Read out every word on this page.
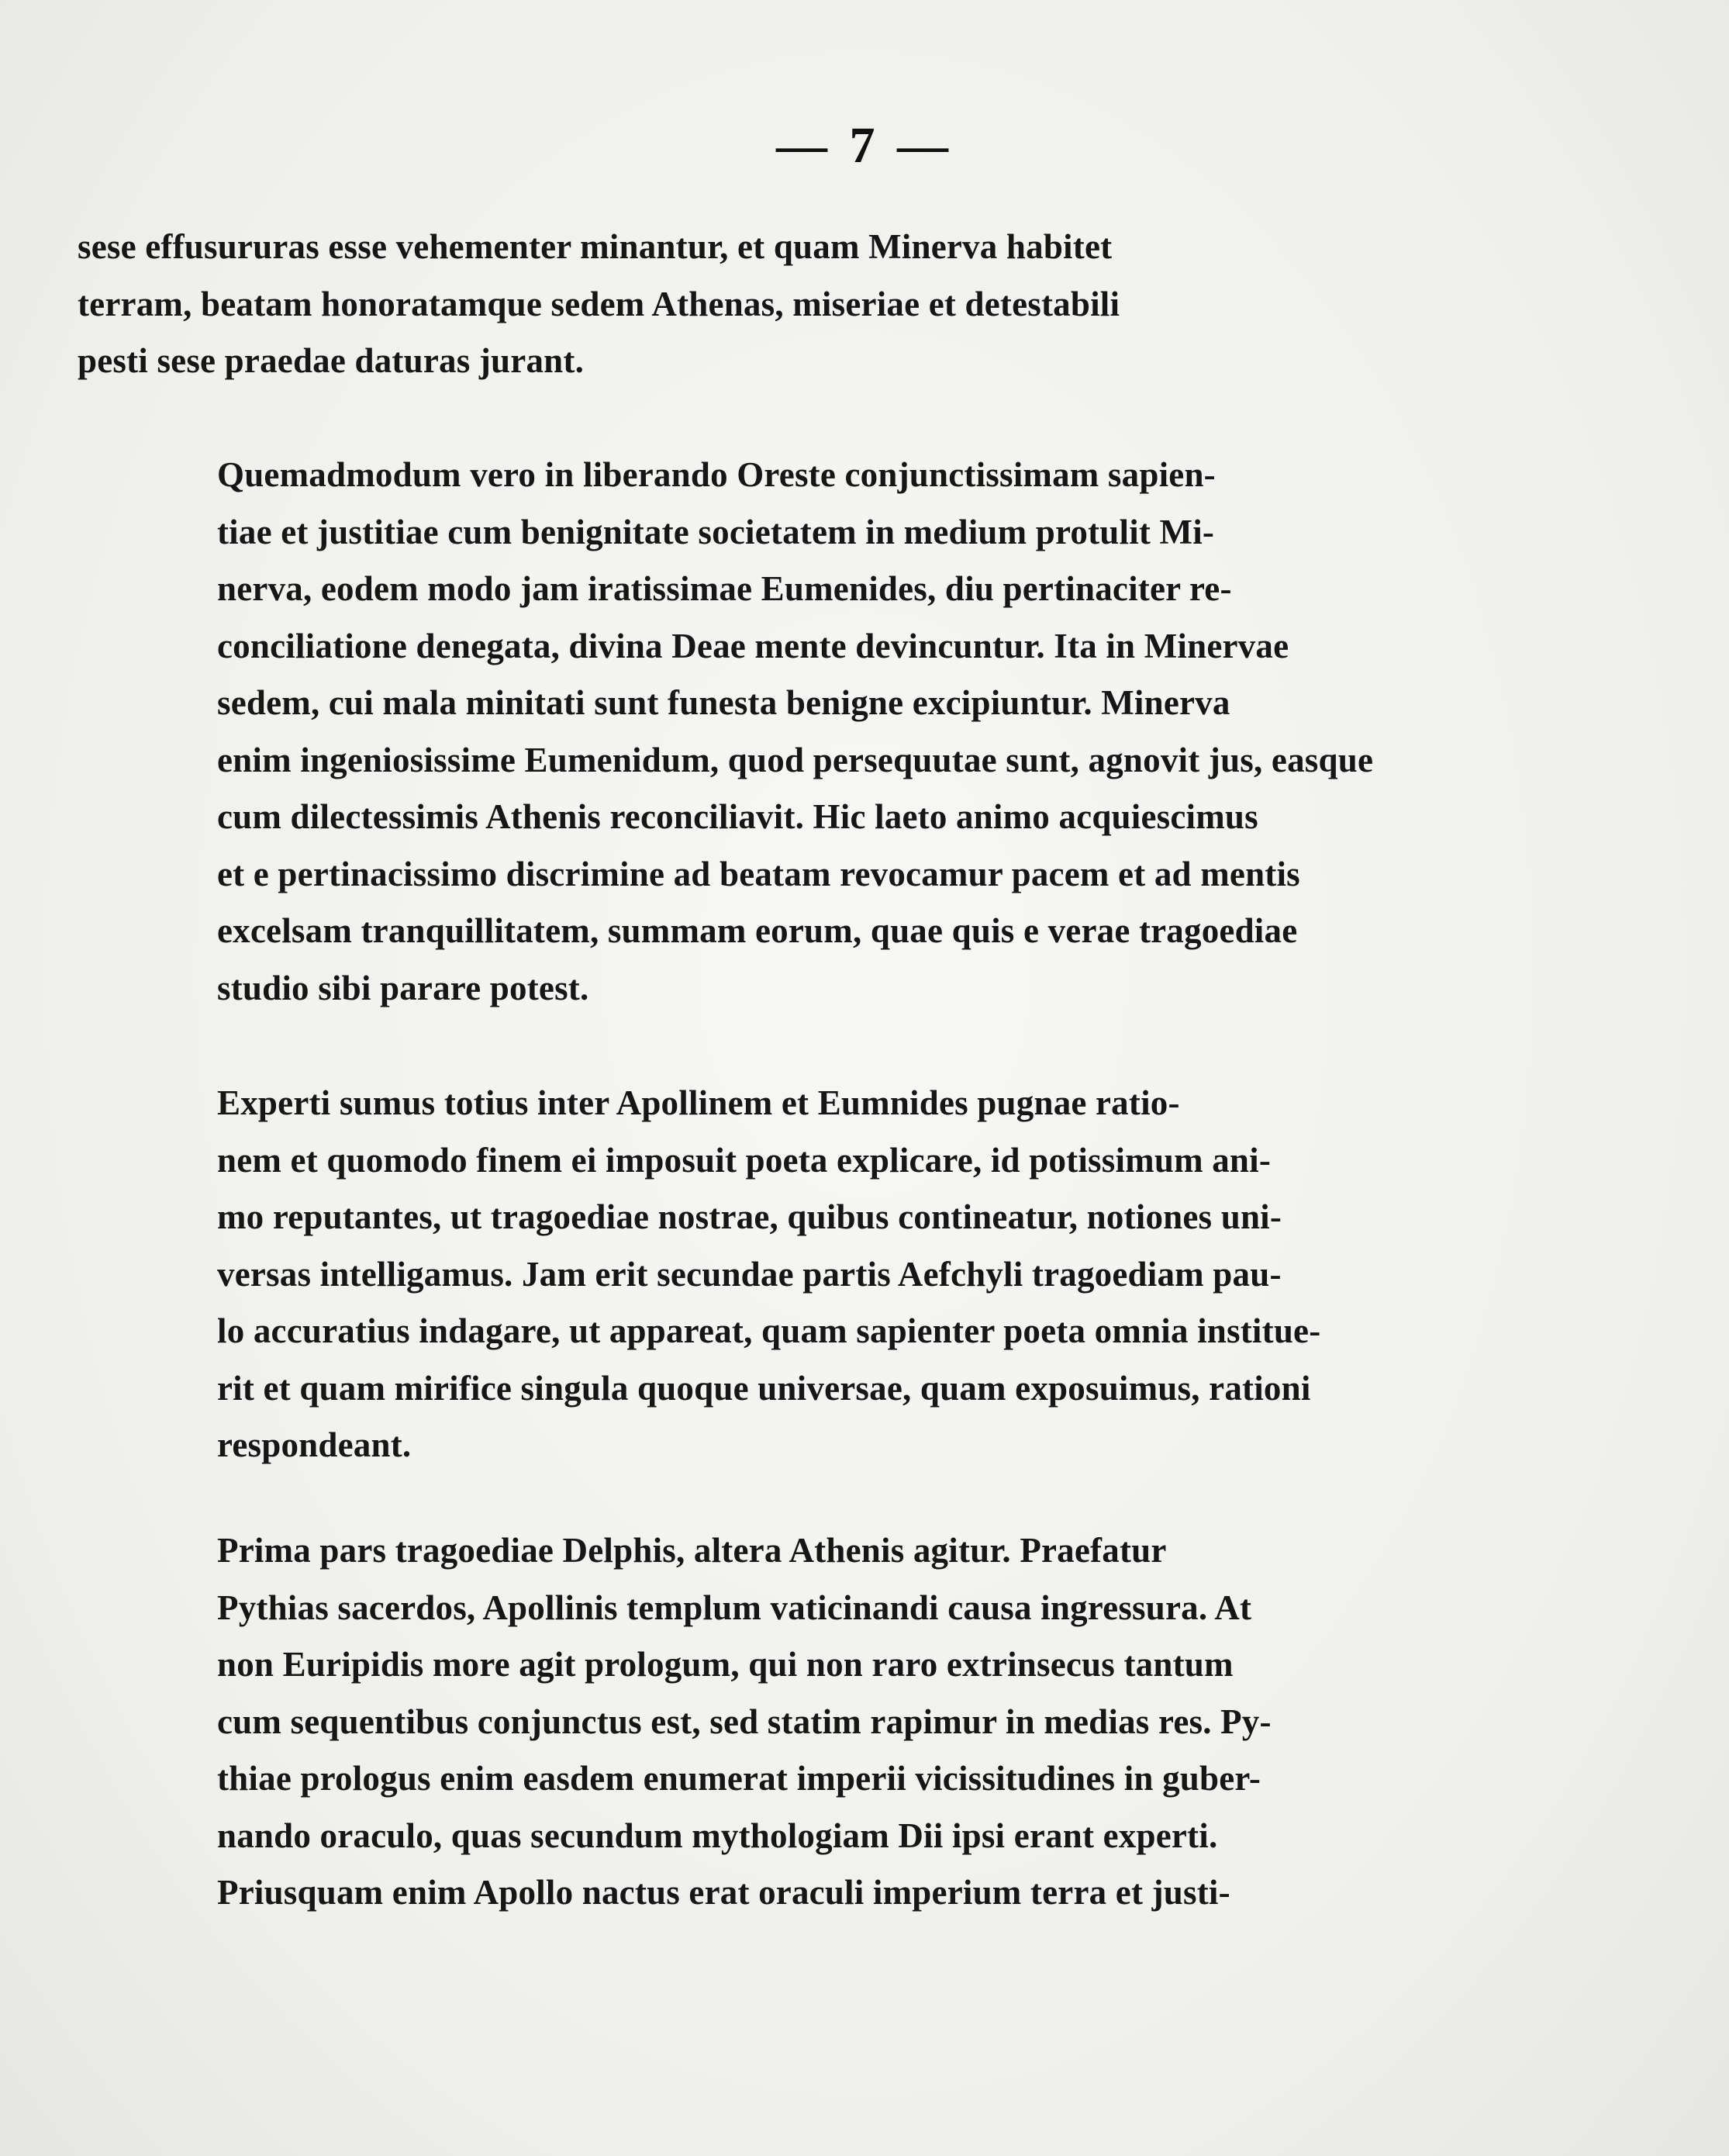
— 7 —
sese effusururas esse vehementer minantur, et quam Minerva habitet
terram, beatam honoratamque sedem Athenas, miseriae et detestabili
pesti sese praedae daturas jurant.
Quemadmodum vero in liberando Oreste conjunctissimam sapien-
tiae et justitiae cum benignitate societatem in medium protulit Mi-
nerva, eodem modo jam iratissimae Eumenides, diu pertinaciter re-
conciliatione denegata, divina Deae mente devincuntur. Ita in Minervae
sedem, cui mala minitati sunt funesta benigne excipiuntur. Minerva
enim ingeniosissime Eumenidum, quod persequutae sunt, agnovit jus, easque
cum dilectessimis Athenis reconciliavit. Hic laeto animo acquiescimus
et e pertinacissimo discrimine ad beatam revocamur pacem et ad mentis
excelsam tranquillitatem, summam eorum, quae quis e verae tragoediae
studio sibi parare potest.
Experti sumus totius inter Apollinem et Eumnides pugnae ratio-
nem et quomodo finem ei imposuit poeta explicare, id potissimum ani-
mo reputantes, ut tragoediae nostrae, quibus contineatur, notiones uni-
versas intelligamus. Jam erit secundae partis Aefchyli tragoediam pau-
lo accuratius indagare, ut appareat, quam sapienter poeta omnia institue-
rit et quam mirifice singula quoque universae, quam exposuimus, rationi
respondeant.
Prima pars tragoediae Delphis, altera Athenis agitur. Praefatur
Pythias sacerdos, Apollinis templum vaticinandi causa ingressura. At
non Euripidis more agit prologum, qui non raro extrinsecus tantum
cum sequentibus conjunctus est, sed statim rapimur in medias res. Py-
thiae prologus enim easdem enumerat imperii vicissitudines in guber-
nando oraculo, quas secundum mythologiam Dii ipsi erant experti.
Priusquam enim Apollo nactus erat oraculi imperium terra et justi-
